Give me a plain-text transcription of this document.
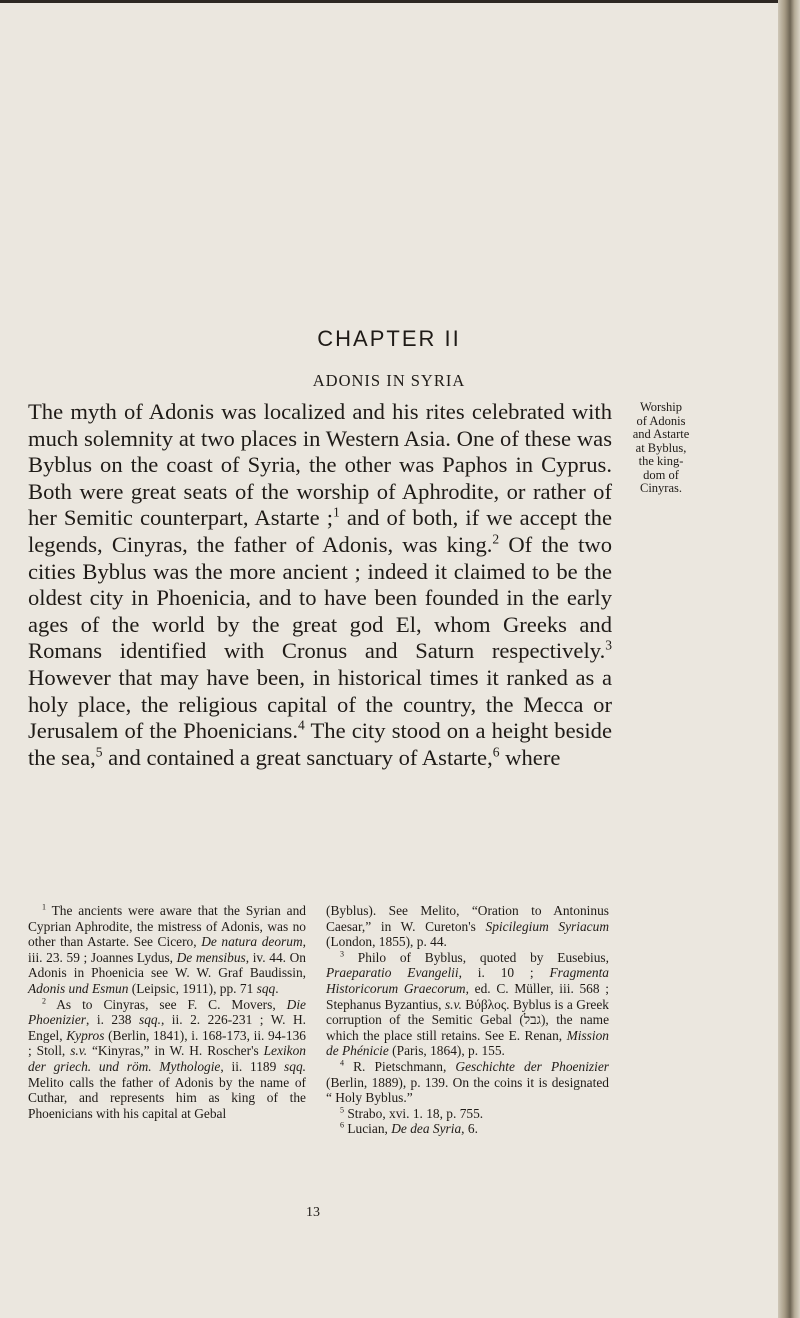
CHAPTER II
ADONIS IN SYRIA

The myth of Adonis was localized and his rites celebrated with much solemnity at two places in Western Asia. One of these was Byblus on the coast of Syria, the other was Paphos in Cyprus. Both were great seats of the worship of Aphrodite, or rather of her Semitic counterpart, Astarte ;$^1$ and of both, if we accept the legends, Cinyras, the father of Adonis, was king.$^2$ Of the two cities Byblus was the more ancient ; indeed it claimed to be the oldest city in Phoenicia, and to have been founded in the early ages of the world by the great god El, whom Greeks and Romans identified with Cronus and Saturn respectively.$^3$ However that may have been, in historical times it ranked as a holy place, the religious capital of the country, the Mecca or Jerusalem of the Phoenicians.$^4$ The city stood on a height beside the sea,$^5$ and contained a great sanctuary of Astarte,$^6$ where

Worship
of Adonis
and Astarte
at Byblus,
the king-
dom of
Cinyras.

$^1$ The ancients were aware that the Syrian and Cyprian Aphrodite, the mistress of Adonis, was no other than Astarte. See Cicero, De natura deorum, iii. 23. 59 ; Joannes Lydus, De mensibus, iv. 44. On Adonis in Phoenicia see W. W. Graf Baudissin, Adonis und Esmun (Leipsic, 1911), pp. 71 sqq.

$^2$ As to Cinyras, see F. C. Movers, Die Phoenizier, i. 238 sqq., ii. 2. 226-231 ; W. H. Engel, Kypros (Berlin, 1841), i. 168-173, ii. 94-136 ; Stoll, s.v. “Kinyras,” in W. H. Roscher's Lexikon der griech. und röm. Mythologie, ii. 1189 sqq. Melito calls the father of Adonis by the name of Cuthar, and represents him as king of the Phoenicians with his capital at Gebal

(Byblus). See Melito, “Oration to Antoninus Caesar,” in W. Cureton's Spicilegium Syriacum (London, 1855), p. 44.

$^3$ Philo of Byblus, quoted by Eusebius, Praeparatio Evangelii, i. 10 ; Fragmenta Historicorum Graecorum, ed. C. Müller, iii. 568 ; Stephanus Byzantius, s.v. Βύβλος. Byblus is a Greek corruption of the Semitic Gebal (גבל), the name which the place still retains. See E. Renan, Mission de Phénicie (Paris, 1864), p. 155.

$^4$ R. Pietschmann, Geschichte der Phoenizier (Berlin, 1889), p. 139. On the coins it is designated “ Holy Byblus.”

$^5$ Strabo, xvi. 1. 18, p. 755.

$^6$ Lucian, De dea Syria, 6.

13
